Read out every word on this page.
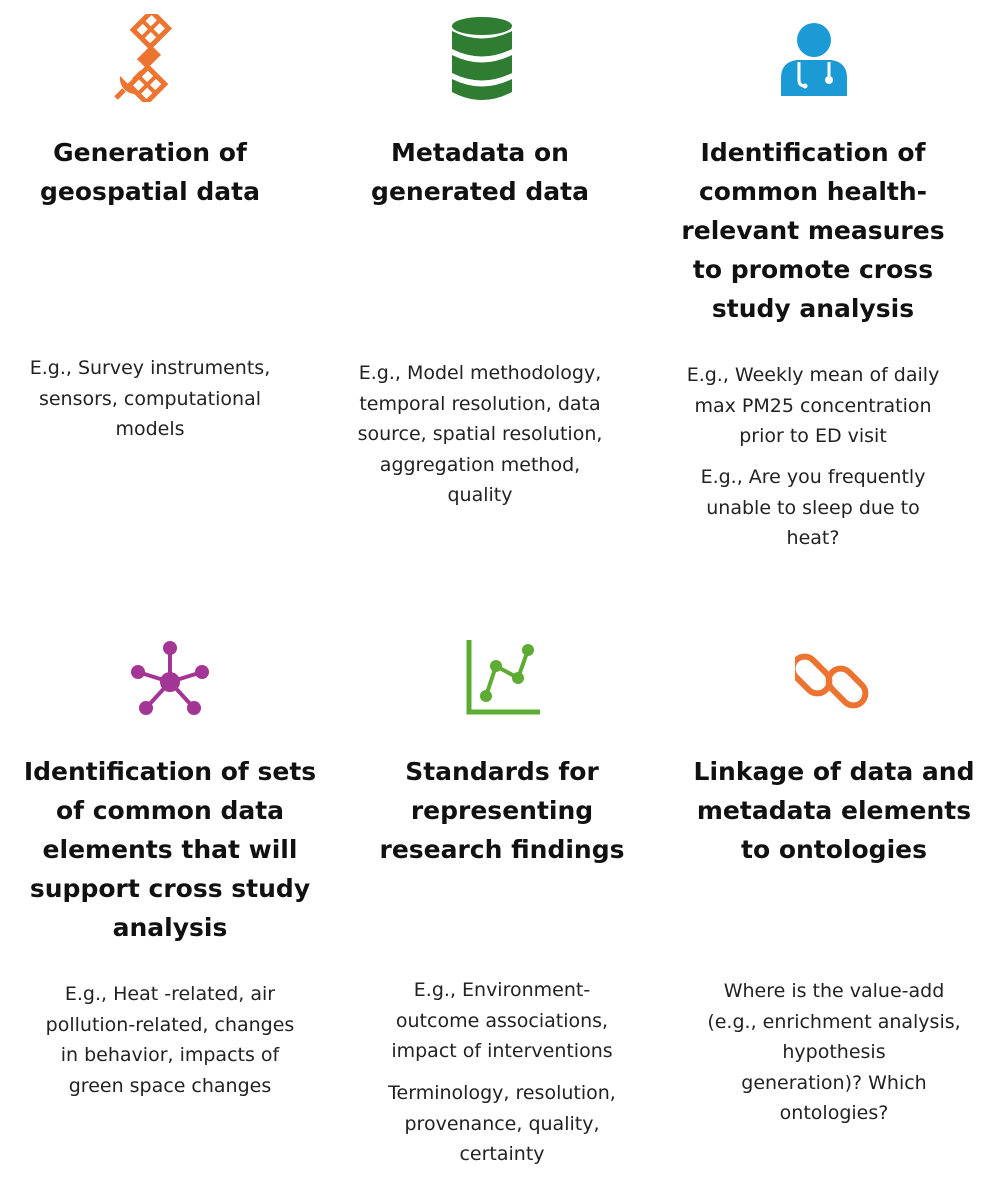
Generation of
geospatial data
E.g., Survey instruments,
sensors, computational
models
Metadata on
generated data
E.g., Model methodology,
temporal resolution, data
source, spatial resolution,
aggregation method,
quality
Identification of
common health-
relevant measures
to promote cross
study analysis
E.g., Weekly mean of daily
max PM25 concentration
prior to ED visit
E.g., Are you frequently
unable to sleep due to
heat?
Identification of sets
of common data
elements that will
support cross study
analysis
E.g., Heat -related, air
pollution-related, changes
in behavior, impacts of
green space changes
Standards for
representing
research findings
E.g., Environment-
outcome associations,
impact of interventions
Terminology, resolution,
provenance, quality,
certainty
Linkage of data and
metadata elements
to ontologies
Where is the value-add
(e.g., enrichment analysis,
hypothesis
generation)? Which
ontologies?
